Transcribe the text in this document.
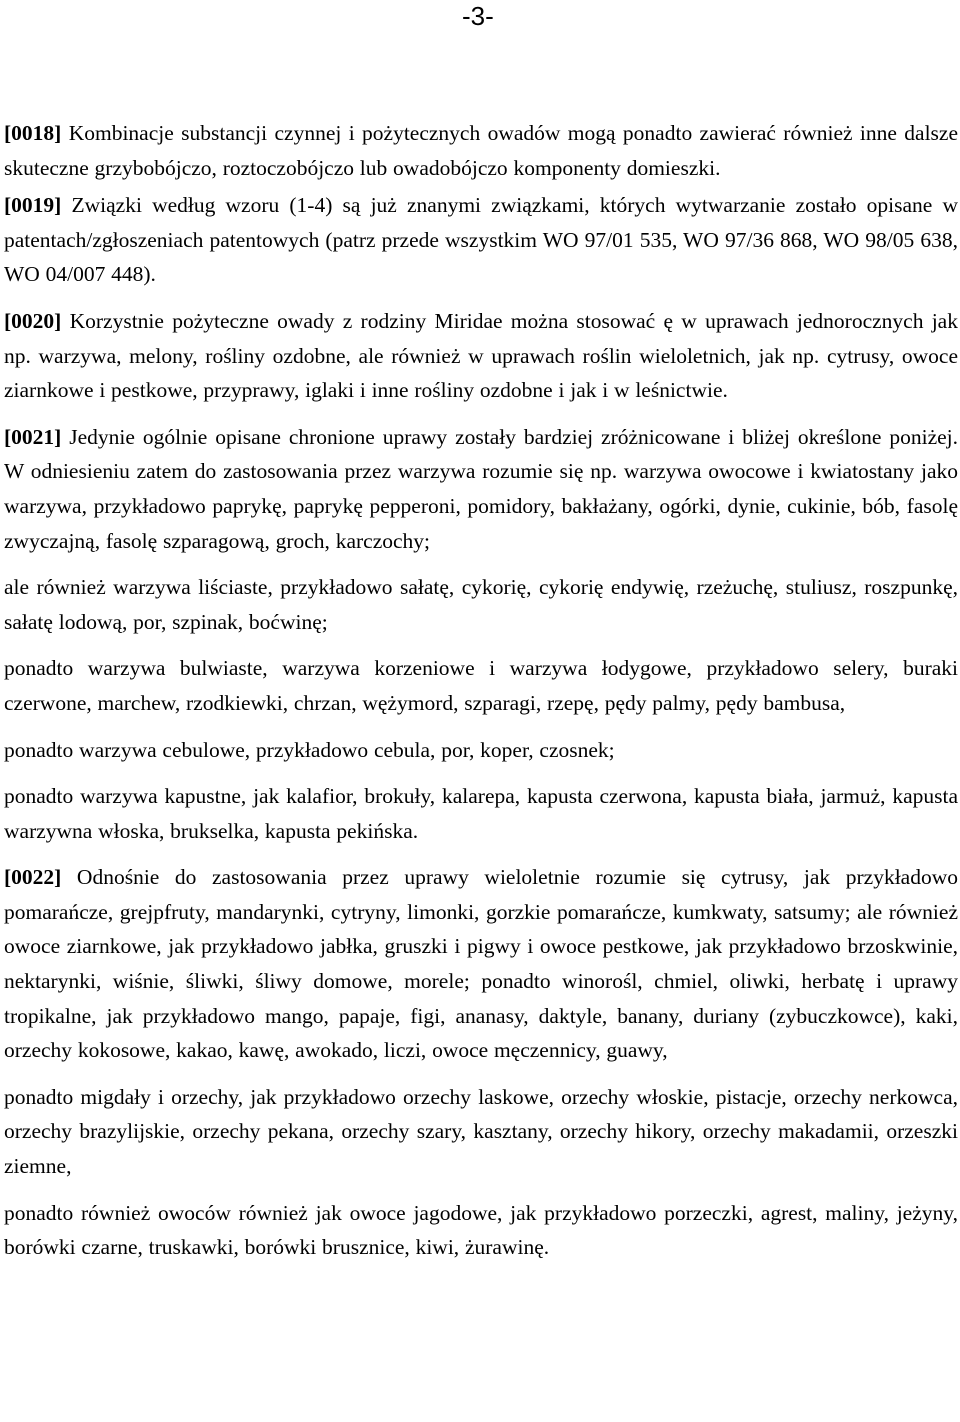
-3-

[0018] Kombinacje substancji czynnej i pożytecznych owadów mogą ponadto zawierać również inne dalsze skuteczne grzybobójczo, roztoczobójczo lub owadobójczo komponenty domieszki.

[0019] Związki według wzoru (1-4) są już znanymi związkami, których wytwarzanie zostało opisane w patentach/zgłoszeniach patentowych (patrz przede wszystkim WO 97/01 535, WO 97/36 868, WO 98/05 638, WO 04/007 448).

[0020] Korzystnie pożyteczne owady z rodziny Miridae można stosować ę w uprawach jednorocznych jak np. warzywa, melony, rośliny ozdobne, ale również w uprawach roślin wieloletnich, jak np. cytrusy, owoce ziarnkowe i pestkowe, przyprawy, iglaki i inne rośliny ozdobne i jak i w leśnictwie.

[0021] Jedynie ogólnie opisane chronione uprawy zostały bardziej zróżnicowane i bliżej określone poniżej. W odniesieniu zatem do zastosowania przez warzywa rozumie się np. warzywa owocowe i kwiatostany jako warzywa, przykładowo paprykę, paprykę pepperoni, pomidory, bakłażany, ogórki, dynie, cukinie, bób, fasolę zwyczajną, fasolę szparagową, groch, karczochy;

ale również warzywa liściaste, przykładowo sałatę, cykorię, cykorię endywię, rzeżuchę, stuliusz, roszpunkę, sałatę lodową, por, szpinak, boćwinę;

ponadto warzywa bulwiaste, warzywa korzeniowe i warzywa łodygowe, przykładowo selery, buraki czerwone, marchew, rzodkiewki, chrzan, wężymord, szparagi, rzepę, pędy palmy, pędy bambusa,

ponadto warzywa cebulowe, przykładowo cebula, por, koper, czosnek;

ponadto warzywa kapustne, jak kalafior, brokuły, kalarepa, kapusta czerwona, kapusta biała, jarmuż, kapusta warzywna włoska, brukselka, kapusta pekińska.

[0022] Odnośnie do zastosowania przez uprawy wieloletnie rozumie się cytrusy, jak przykładowo pomarańcze, grejpfruty, mandarynki, cytryny, limonki, gorzkie pomarańcze, kumkwaty, satsumy; ale również owoce ziarnkowe, jak przykładowo jabłka, gruszki i pigwy i owoce pestkowe, jak przykładowo brzoskwinie, nektarynki, wiśnie, śliwki, śliwy domowe, morele; ponadto winorośl, chmiel, oliwki, herbatę i uprawy tropikalne, jak przykładowo mango, papaje, figi, ananasy, daktyle, banany, duriany (zybuczkowce), kaki, orzechy kokosowe, kakao, kawę, awokado, liczi, owoce męczennicy, guawy,

ponadto migdały i orzechy, jak przykładowo orzechy laskowe, orzechy włoskie, pistacje, orzechy nerkowca, orzechy brazylijskie, orzechy pekana, orzechy szary, kasztany, orzechy hikory, orzechy makadamii, orzeszki ziemne,

ponadto również owoców również jak owoce jagodowe, jak przykładowo porzeczki, agrest, maliny, jeżyny, borówki czarne, truskawki, borówki brusznice, kiwi, żurawinę.
